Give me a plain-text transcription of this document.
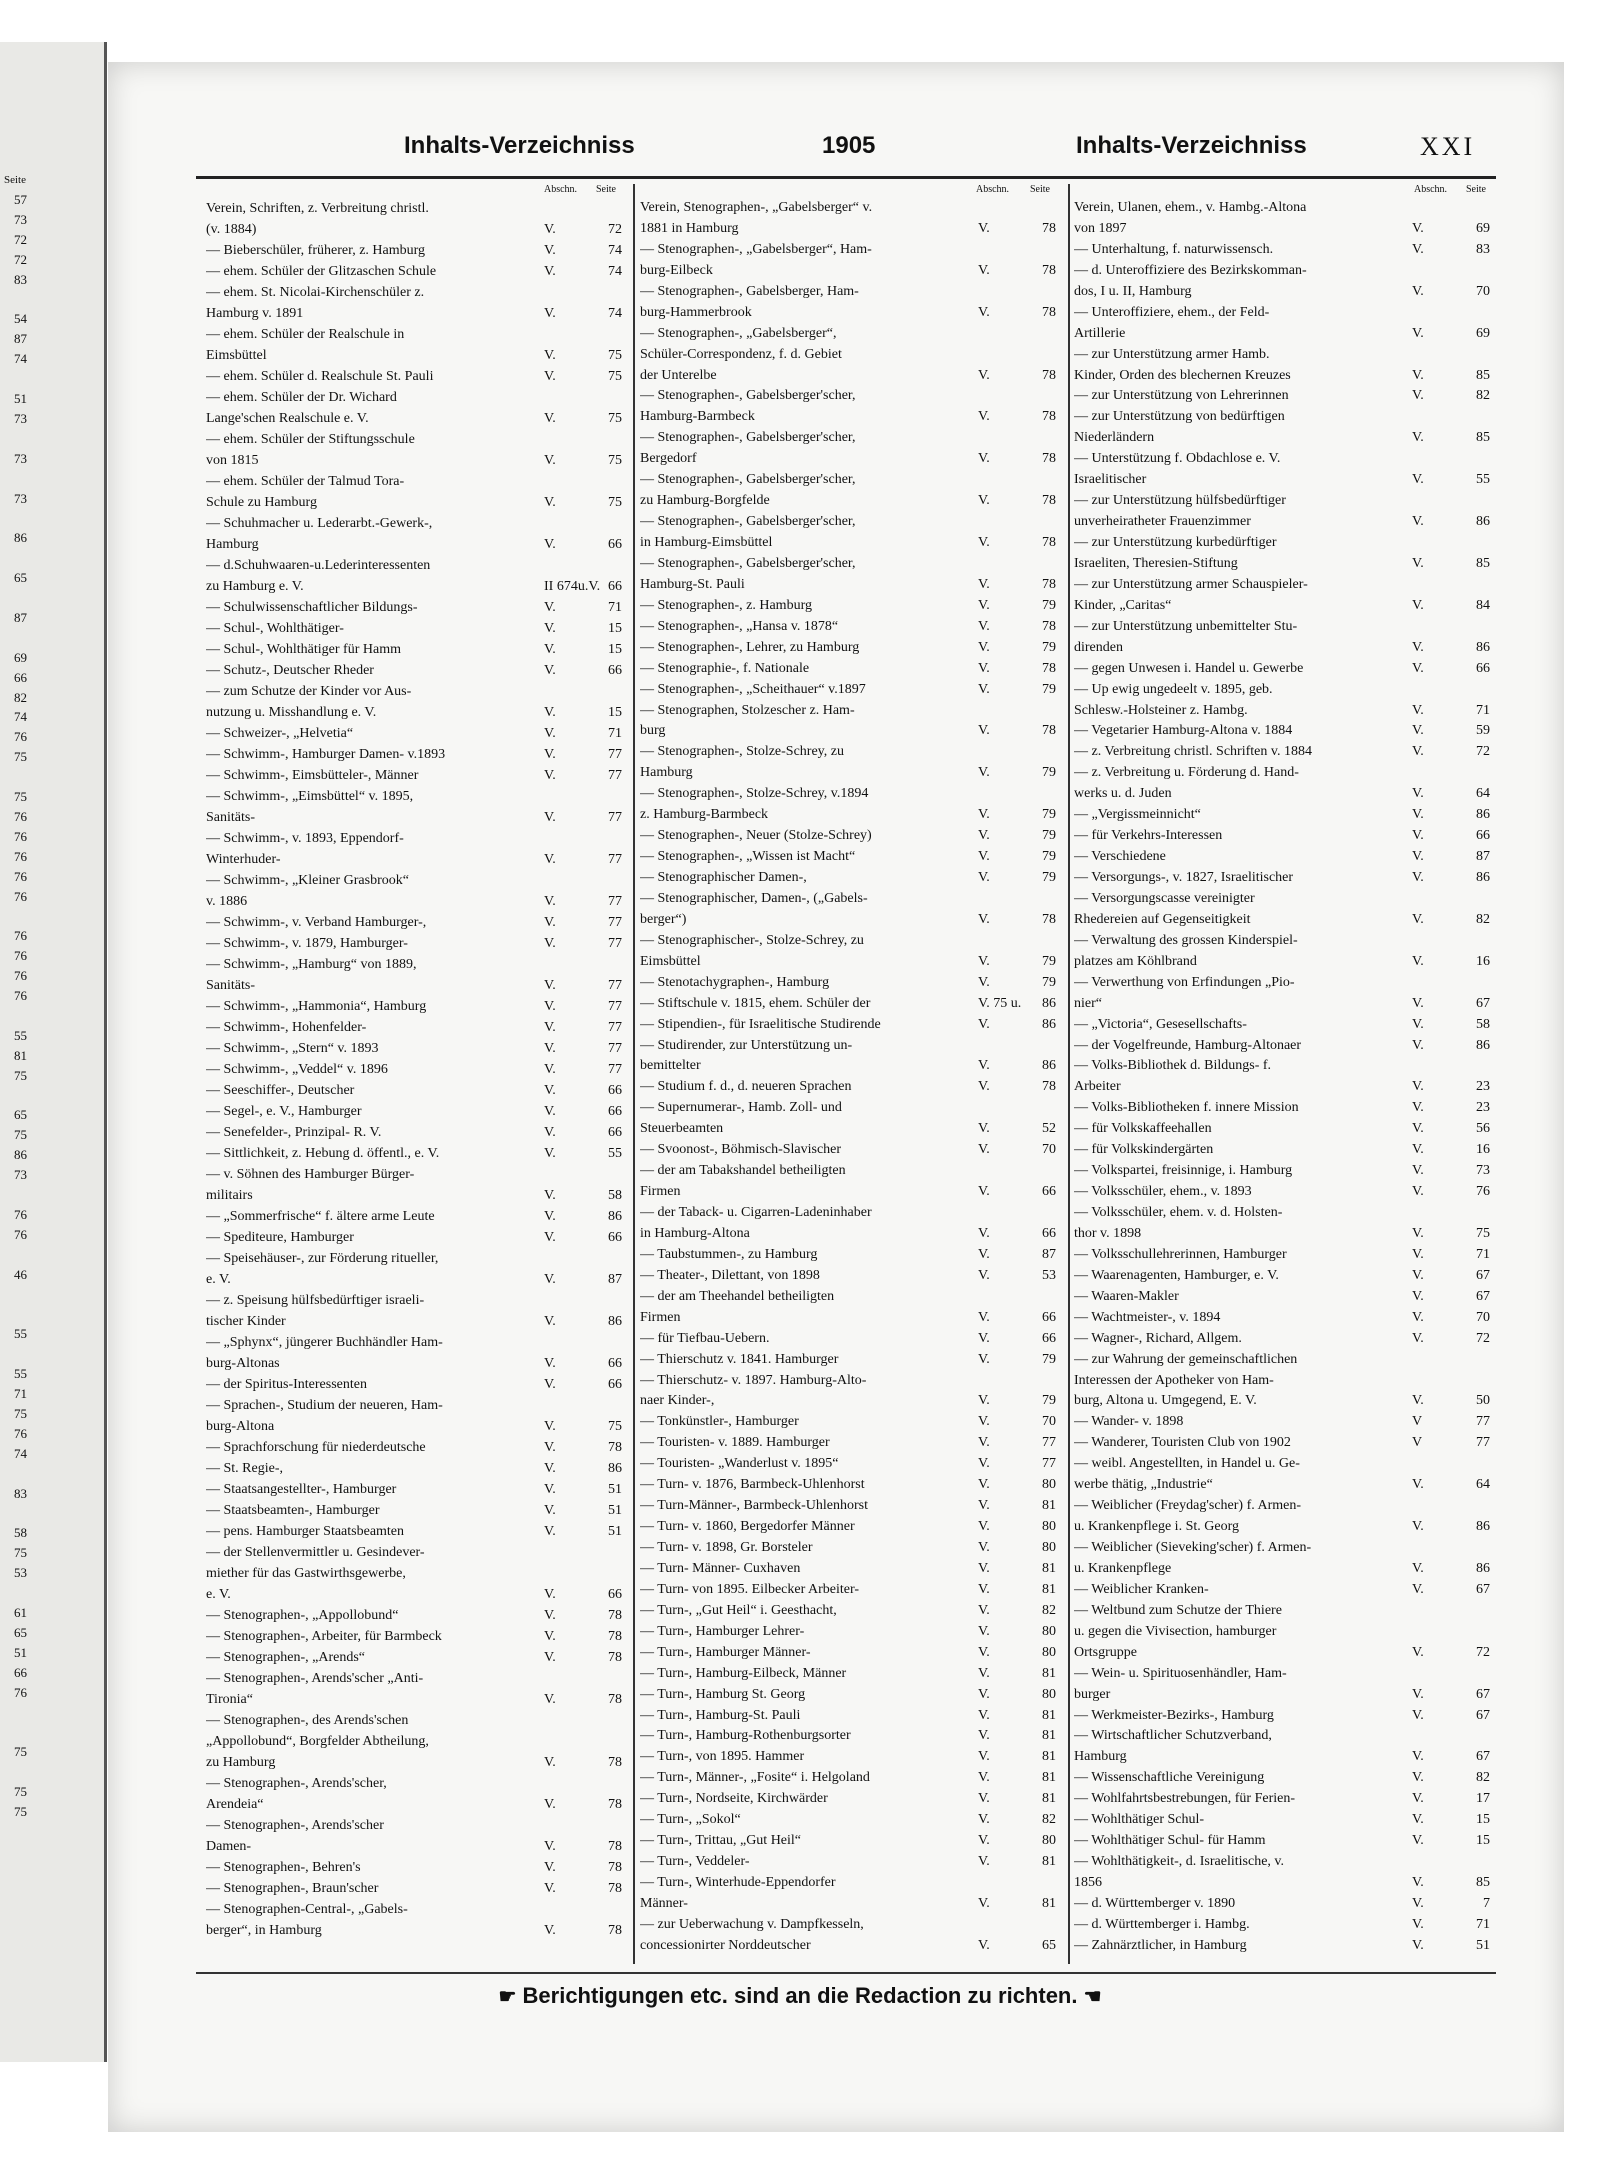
Seite
57
73
72
72
83
54
87
74
51
73
73
73
86
65
87
69
66
82
74
76
75
75
76
76
76
76
76
76
76
76
76
55
81
75
65
75
86
73
76
76
46
55
55
71
75
76
74
83
58
75
53
61
65
51
66
76
75
75
75
Inhalts-Verzeichniss	1905	Inhalts-Verzeichniss	XXI
Abschn. Seite
Verein, Schriften, z. Verbreitung christl.
(v. 1884)	V.	72
— Bieberschüler, früherer, z. Hamburg	V.	74
— ehem. Schüler der Glitzaschen Schule	V.	74
— ehem. St. Nicolai-Kirchenschüler z.
Hamburg v. 1891	V.	74
— ehem. Schüler der Realschule in
Eimsbüttel	V.	75
— ehem. Schüler d. Realschule St. Pauli	V.	75
— ehem. Schüler der Dr. Wichard
Lange'schen Realschule e. V.	V.	75
— ehem. Schüler der Stiftungsschule
von 1815	V.	75
— ehem. Schüler der Talmud Tora-
Schule zu Hamburg	V.	75
— Schuhmacher u. Lederarbt.-Gewerk-,
Hamburg	V.	66
— d.Schuhwaaren-u.Lederinteressenten
zu Hamburg e. V.	II 674u.V. 66
— Schulwissenschaftlicher Bildungs-	V.	71
— Schul-, Wohlthätiger-	V.	15
— Schul-, Wohlthätiger für Hamm	V.	15
— Schutz-, Deutscher Rheder	V.	66
— zum Schutze der Kinder vor Aus-
nutzung u. Misshandlung e. V.	V.	15
— Schweizer-, „Helvetia“	V.	71
— Schwimm-, Hamburger Damen- v.1893	V.	77
— Schwimm-, Eimsbütteler-, Männer	V.	77
— Schwimm-, „Eimsbüttel“ v. 1895,
Sanitäts-	V.	77
— Schwimm-, v. 1893, Eppendorf-
Winterhuder-	V.	77
— Schwimm-, „Kleiner Grasbrook“
v. 1886	V.	77
— Schwimm-, v. Verband Hamburger-,	V.	77
— Schwimm-, v. 1879, Hamburger-	V.	77
— Schwimm-, „Hamburg“ von 1889,
Sanitäts-	V.	77
— Schwimm-, „Hammonia“, Hamburg	V.	77
— Schwimm-, Hohenfelder-	V.	77
— Schwimm-, „Stern“ v. 1893	V.	77
— Schwimm-, „Veddel“ v. 1896	V.	77
— Seeschiffer-, Deutscher	V.	66
— Segel-, e. V., Hamburger	V.	66
— Senefelder-, Prinzipal- R. V.	V.	66
— Sittlichkeit, z. Hebung d. öffentl., e. V.	V.	55
— v. Söhnen des Hamburger Bürger-
militairs	V.	58
— „Sommerfrische“ f. ältere arme Leute	V.	86
— Spediteure, Hamburger	V.	66
— Speisehäuser-, zur Förderung ritueller,
e. V.	V.	87
— z. Speisung hülfsbedürftiger israeli-
tischer Kinder	V.	86
— „Sphynx“, jüngerer Buchhändler Ham-
burg-Altonas	V.	66
— der Spiritus-Interessenten	V.	66
— Sprachen-, Studium der neueren, Ham-
burg-Altona	V.	75
— Sprachforschung für niederdeutsche	V.	78
— St. Regie-,	V.	86
— Staatsangestellter-, Hamburger	V.	51
— Staatsbeamten-, Hamburger	V.	51
— pens. Hamburger Staatsbeamten	V.	51
— der Stellenvermittler u. Gesindever-
miether für das Gastwirthsgewerbe,
e. V.	V.	66
— Stenographen-, „Appollobund“	V.	78
— Stenographen-, Arbeiter, für Barmbeck	V.	78
— Stenographen-, „Arends“	V.	78
— Stenographen-, Arends'scher „Anti-
Tironia“	V.	78
— Stenographen-, des Arends'schen
„Appollobund“, Borgfelder Abtheilung,
zu Hamburg	V.	78
— Stenographen-, Arends'scher,
Arendeia“	V.	78
— Stenographen-, Arends'scher
Damen-	V.	78
— Stenographen-, Behren's	V.	78
— Stenographen-, Braun'scher	V.	78
— Stenographen-Central-, „Gabels-
berger“, in Hamburg	V.	78
Abschn. Seite
Verein, Stenographen-, „Gabelsberger“ v.
1881 in Hamburg	V.	78
— Stenographen-, „Gabelsberger“, Ham-
burg-Eilbeck	V.	78
— Stenographen-, Gabelsberger, Ham-
burg-Hammerbrook	V.	78
— Stenographen-, „Gabelsberger“,
Schüler-Correspondenz, f. d. Gebiet
der Unterelbe	V.	78
— Stenographen-, Gabelsberger'scher,
Hamburg-Barmbeck	V.	78
— Stenographen-, Gabelsberger'scher,
Bergedorf	V.	78
— Stenographen-, Gabelsberger'scher,
zu Hamburg-Borgfelde	V.	78
— Stenographen-, Gabelsberger'scher,
in Hamburg-Eimsbüttel	V.	78
— Stenographen-, Gabelsberger'scher,
Hamburg-St. Pauli	V.	78
— Stenographen-, z. Hamburg	V.	79
— Stenographen-, „Hansa v. 1878“	V.	78
— Stenographen-, Lehrer, zu Hamburg	V.	79
— Stenographie-, f. Nationale	V.	78
— Stenographen-, „Scheithauer“ v.1897	V.	79
— Stenographen, Stolzescher z. Ham-
burg	V.	78
— Stenographen-, Stolze-Schrey, zu
Hamburg	V.	79
— Stenographen-, Stolze-Schrey, v.1894
z. Hamburg-Barmbeck	V.	79
— Stenographen-, Neuer (Stolze-Schrey)	V.	79
— Stenographen-, „Wissen ist Macht“	V.	79
— Stenographischer Damen-,	V.	79
— Stenographischer, Damen-, („Gabels-
berger“)	V.	78
— Stenographischer-, Stolze-Schrey, zu
Eimsbüttel	V.	79
— Stenotachygraphen-, Hamburg	V.	79
— Stiftschule v. 1815, ehem. Schüler der	V. 75 u.	86
— Stipendien-, für Israelitische Studirende	V.	86
— Studirender, zur Unterstützung un-
bemittelter	V.	86
— Studium f. d., d. neueren Sprachen	V.	78
— Supernumerar-, Hamb. Zoll- und
Steuerbeamten	V.	52
— Svoonost-, Böhmisch-Slavischer	V.	70
— der am Tabakshandel betheiligten
Firmen	V.	66
— der Taback- u. Cigarren-Ladeninhaber
in Hamburg-Altona	V.	66
— Taubstummen-, zu Hamburg	V.	87
— Theater-, Dilettant, von 1898	V.	53
— der am Theehandel betheiligten
Firmen	V.	66
— für Tiefbau-Uebern.	V.	66
— Thierschutz v. 1841. Hamburger	V.	79
— Thierschutz- v. 1897. Hamburg-Alto-
naer Kinder-,	V.	79
— Tonkünstler-, Hamburger	V.	70
— Touristen- v. 1889. Hamburger	V.	77
— Touristen- „Wanderlust v. 1895“	V.	77
— Turn- v. 1876, Barmbeck-Uhlenhorst	V.	80
— Turn-Männer-, Barmbeck-Uhlenhorst	V.	81
— Turn- v. 1860, Bergedorfer Männer	V.	80
— Turn- v. 1898, Gr. Borsteler	V.	80
— Turn- Männer- Cuxhaven	V.	81
— Turn- von 1895. Eilbecker Arbeiter-	V.	81
— Turn-, „Gut Heil“ i. Geesthacht,	V.	82
— Turn-, Hamburger Lehrer-	V.	80
— Turn-, Hamburger Männer-	V.	80
— Turn-, Hamburg-Eilbeck, Männer	V.	81
— Turn-, Hamburg St. Georg	V.	80
— Turn-, Hamburg-St. Pauli	V.	81
— Turn-, Hamburg-Rothenburgsorter	V.	81
— Turn-, von 1895. Hammer	V.	81
— Turn-, Männer-, „Fosite“ i. Helgoland	V.	81
— Turn-, Nordseite, Kirchwärder	V.	81
— Turn-, „Sokol“	V.	82
— Turn-, Trittau, „Gut Heil“	V.	80
— Turn-, Veddeler-	V.	81
— Turn-, Winterhude-Eppendorfer
Männer-	V.	81
— zur Ueberwachung v. Dampfkesseln,
concessionirter Norddeutscher	V.	65
Abschn. Seite
Verein, Ulanen, ehem., v. Hambg.-Altona
von 1897	V.	69
— Unterhaltung, f. naturwissensch.	V.	83
— d. Unteroffiziere des Bezirkskomman-
dos, I u. II, Hamburg	V.	70
— Unteroffiziere, ehem., der Feld-
Artillerie	V.	69
— zur Unterstützung armer Hamb.
Kinder, Orden des blechernen Kreuzes	V.	85
— zur Unterstützung von Lehrerinnen	V.	82
— zur Unterstützung von bedürftigen
Niederländern	V.	85
— Unterstützung f. Obdachlose e. V.
Israelitischer	V.	55
— zur Unterstützung hülfsbedürftiger
unverheiratheter Frauenzimmer	V.	86
— zur Unterstützung kurbedürftiger
Israeliten, Theresien-Stiftung	V.	85
— zur Unterstützung armer Schauspieler-
Kinder, „Caritas“	V.	84
— zur Unterstützung unbemittelter Stu-
direnden	V.	86
— gegen Unwesen i. Handel u. Gewerbe	V.	66
— Up ewig ungedeelt v. 1895, geb.
Schlesw.-Holsteiner z. Hambg.	V.	71
— Vegetarier Hamburg-Altona v. 1884	V.	59
— z. Verbreitung christl. Schriften v. 1884	V.	72
— z. Verbreitung u. Förderung d. Hand-
werks u. d. Juden	V.	64
— „Vergissmeinnicht“	V.	86
— für Verkehrs-Interessen	V.	66
— Verschiedene	V.	87
— Versorgungs-, v. 1827, Israelitischer	V.	86
— Versorgungscasse vereinigter
Rhedereien auf Gegenseitigkeit	V.	82
— Verwaltung des grossen Kinderspiel-
platzes am Köhlbrand	V.	16
— Verwerthung von Erfindungen „Pio-
nier“	V.	67
— „Victoria“, Gesesellschafts-	V.	58
— der Vogelfreunde, Hamburg-Altonaer	V.	86
— Volks-Bibliothek d. Bildungs- f.
Arbeiter	V.	23
— Volks-Bibliotheken f. innere Mission	V.	23
— für Volkskaffeehallen	V.	56
— für Volkskindergärten	V.	16
— Volkspartei, freisinnige, i. Hamburg	V.	73
— Volksschüler, ehem., v. 1893	V.	76
— Volksschüler, ehem. v. d. Holsten-
thor v. 1898	V.	75
— Volksschullehrerinnen, Hamburger	V.	71
— Waarenagenten, Hamburger, e. V.	V.	67
— Waaren-Makler	V.	67
— Wachtmeister-, v. 1894	V.	70
— Wagner-, Richard, Allgem.	V.	72
— zur Wahrung der gemeinschaftlichen
Interessen der Apotheker von Ham-
burg, Altona u. Umgegend, E. V.	V.	50
— Wander- v. 1898	V	77
— Wanderer, Touristen Club von 1902	V	77
— weibl. Angestellten, in Handel u. Ge-
werbe thätig, „Industrie“	V.	64
— Weiblicher (Freydag'scher) f. Armen-
u. Krankenpflege i. St. Georg	V.	86
— Weiblicher (Sieveking'scher) f. Armen-
u. Krankenpflege	V.	86
— Weiblicher Kranken-	V.	67
— Weltbund zum Schutze der Thiere
u. gegen die Vivisection, hamburger
Ortsgruppe	V.	72
— Wein- u. Spirituosenhändler, Ham-
burger	V.	67
— Werkmeister-Bezirks-, Hamburg	V.	67
— Wirtschaftlicher Schutzverband,
Hamburg	V.	67
— Wissenschaftliche Vereinigung	V.	82
— Wohlfahrtsbestrebungen, für Ferien-	V.	17
— Wohlthätiger Schul-	V.	15
— Wohlthätiger Schul- für Hamm	V.	15
— Wohlthätigkeit-, d. Israelitische, v.
1856	V.	85
— d. Württemberger v. 1890	V.	7
— d. Württemberger i. Hambg.	V.	71
— Zahnärztlicher, in Hamburg	V.	51
☛ Berichtigungen etc. sind an die Redaction zu richten. ☚
